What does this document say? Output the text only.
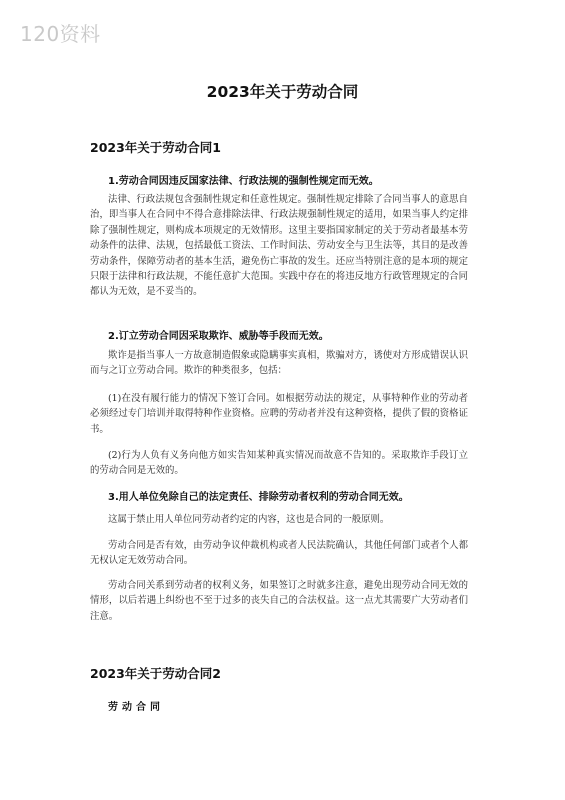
120资料
2023年关于劳动合同
2023年关于劳动合同1
1.劳动合同因违反国家法律、行政法规的强制性规定而无效。
法律、行政法规包含强制性规定和任意性规定。强制性规定排除了合同当事人的意思自治，即当事人在合同中不得合意排除法律、行政法规强制性规定的适用，如果当事人约定排除了强制性规定，则构成本项规定的无效情形。这里主要指国家制定的关于劳动者最基本劳动条件的法律、法规，包括最低工资法、工作时间法、劳动安全与卫生法等，其目的是改善劳动条件，保障劳动者的基本生活，避免伤亡事故的发生。还应当特别注意的是本项的规定只限于法律和行政法规，不能任意扩大范围。实践中存在的将违反地方行政管理规定的合同都认为无效，是不妥当的。
2.订立劳动合同因采取欺诈、威胁等手段而无效。
欺诈是指当事人一方故意制造假象或隐瞒事实真相，欺骗对方，诱使对方形成错误认识而与之订立劳动合同。欺诈的种类很多，包括：
(1)在没有履行能力的情况下签订合同。如根据劳动法的规定，从事特种作业的劳动者必须经过专门培训并取得特种作业资格。应聘的劳动者并没有这种资格，提供了假的资格证书。
(2)行为人负有义务向他方如实告知某种真实情况而故意不告知的。采取欺诈手段订立的劳动合同是无效的。
3.用人单位免除自己的法定责任、排除劳动者权利的劳动合同无效。
这属于禁止用人单位同劳动者约定的内容，这也是合同的一般原则。
劳动合同是否有效，由劳动争议仲裁机构或者人民法院确认，其他任何部门或者个人都无权认定无效劳动合同。
劳动合同关系到劳动者的权利义务，如果签订之时就多注意，避免出现劳动合同无效的情形，以后若遇上纠纷也不至于过多的丧失自己的合法权益。这一点尤其需要广大劳动者们注意。
2023年关于劳动合同2
劳动合同
